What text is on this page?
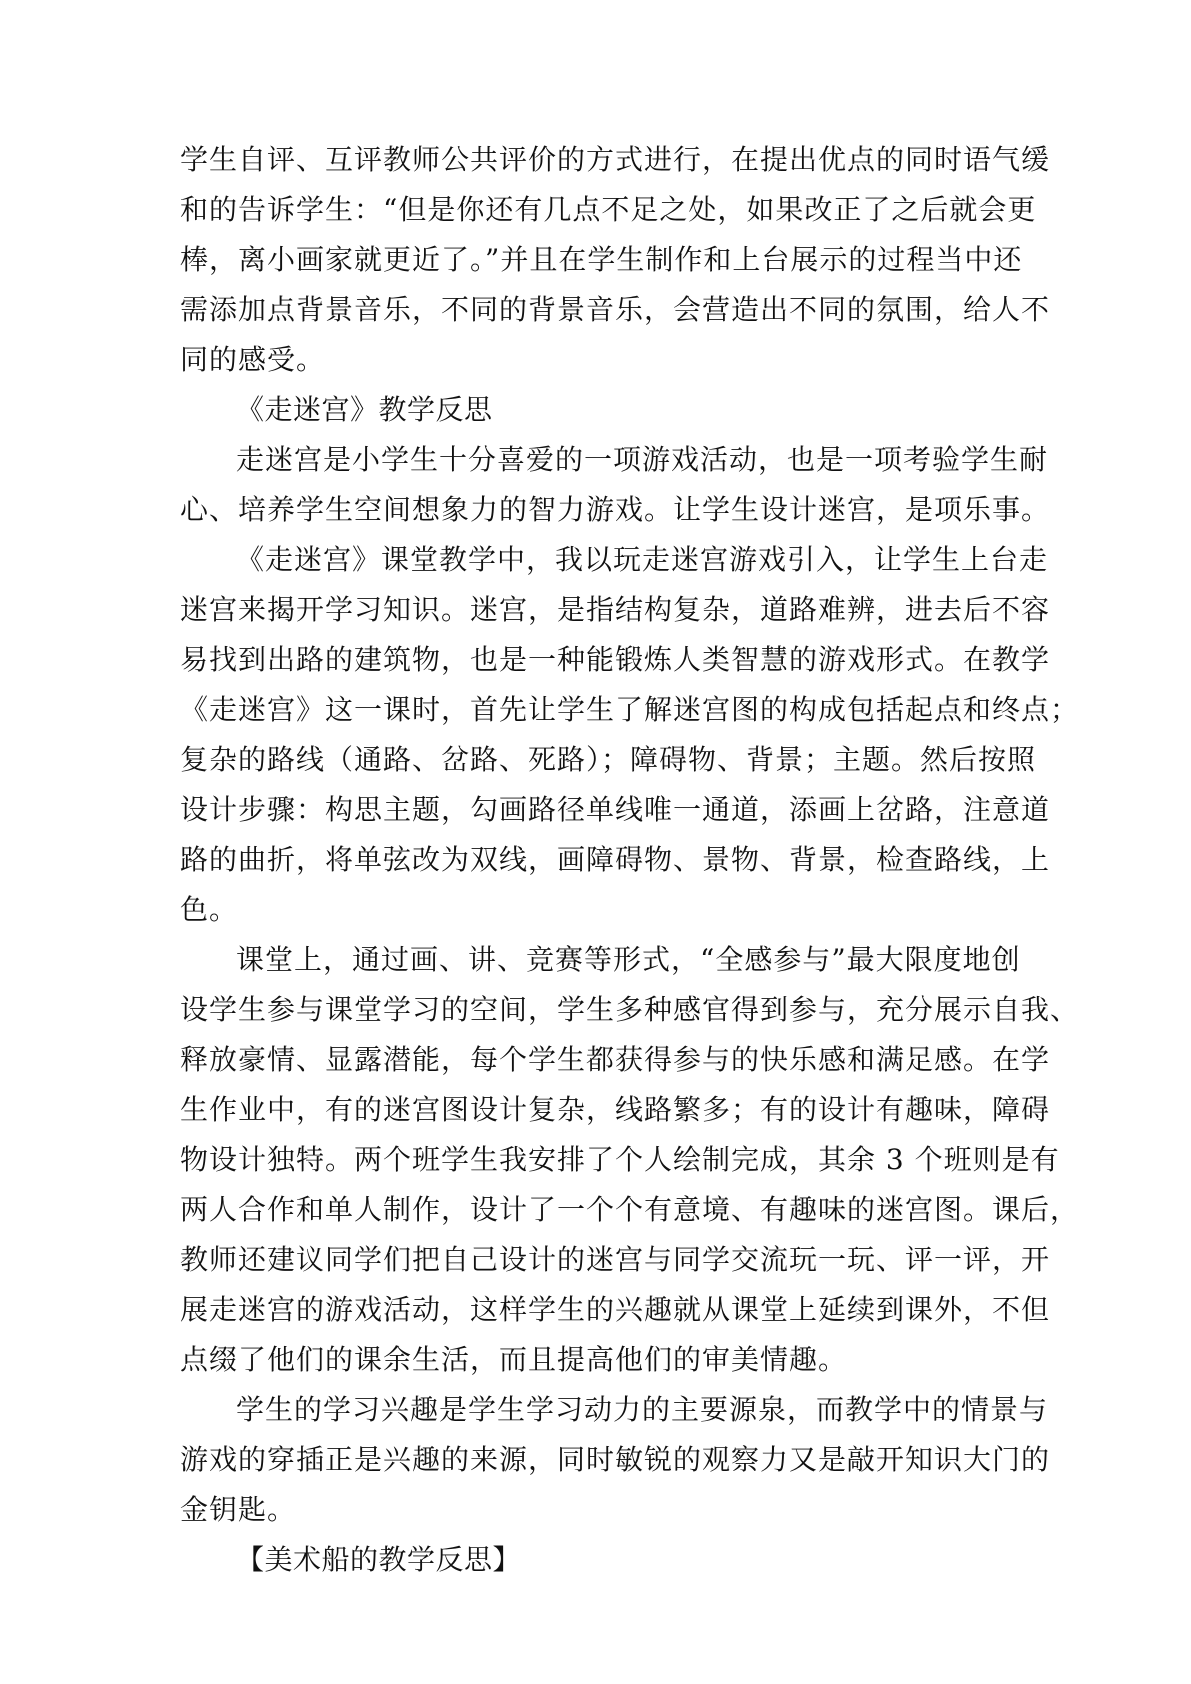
学生自评、互评教师公共评价的方式进行，在提出优点的同时语气缓
和的告诉学生：“但是你还有几点不足之处，如果改正了之后就会更
棒，离小画家就更近了。”并且在学生制作和上台展示的过程当中还
需添加点背景音乐，不同的背景音乐，会营造出不同的氛围，给人不
同的感受。
《走迷宫》教学反思
走迷宫是小学生十分喜爱的一项游戏活动，也是一项考验学生耐
心、培养学生空间想象力的智力游戏。让学生设计迷宫，是项乐事。
《走迷宫》课堂教学中，我以玩走迷宫游戏引入，让学生上台走
迷宫来揭开学习知识。迷宫，是指结构复杂，道路难辨，进去后不容
易找到出路的建筑物，也是一种能锻炼人类智慧的游戏形式。在教学
《走迷宫》这一课时，首先让学生了解迷宫图的构成包括起点和终点；
复杂的路线（通路、岔路、死路）；障碍物、背景；主题。然后按照
设计步骤：构思主题，勾画路径单线唯一通道，添画上岔路，注意道
路的曲折，将单弦改为双线，画障碍物、景物、背景，检查路线，上
色。
课堂上，通过画、讲、竞赛等形式，“全感参与”最大限度地创
设学生参与课堂学习的空间，学生多种感官得到参与，充分展示自我、
释放豪情、显露潜能，每个学生都获得参与的快乐感和满足感。在学
生作业中，有的迷宫图设计复杂，线路繁多；有的设计有趣味，障碍
物设计独特。两个班学生我安排了个人绘制完成，其余 3 个班则是有
两人合作和单人制作，设计了一个个有意境、有趣味的迷宫图。课后，
教师还建议同学们把自己设计的迷宫与同学交流玩一玩、评一评，开
展走迷宫的游戏活动，这样学生的兴趣就从课堂上延续到课外，不但
点缀了他们的课余生活，而且提高他们的审美情趣。
学生的学习兴趣是学生学习动力的主要源泉，而教学中的情景与
游戏的穿插正是兴趣的来源，同时敏锐的观察力又是敲开知识大门的
金钥匙。
【美术船的教学反思】
